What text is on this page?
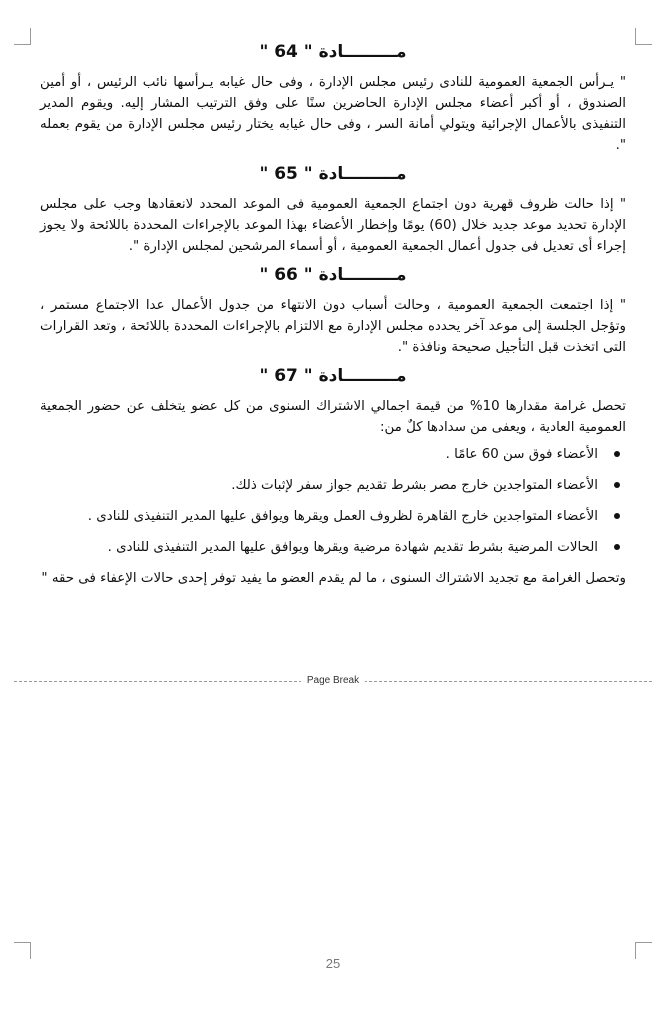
مـــــــــادة " 64 "

" يـرأس الجمعية العمومية للنادى رئيس مجلس الإدارة ، وفى حال غيابه يـرأسها نائب الرئيس ، أو أمين الصندوق ، أو أكبر أعضاء مجلس الإدارة الحاضرين سنًا على وفق الترتيب المشار إليه. ويقوم المدير التنفيذى بالأعمال الإجرائية ويتولي أمانة السر ، وفى حال غيابه يختار رئيس مجلس الإدارة من يقوم بعمله ".

مـــــــــادة " 65 "

" إذا حالت ظروف قهرية دون اجتماع الجمعية العمومية فى الموعد المحدد لانعقادها وجب على مجلس الإدارة تحديد موعد جديد خلال (60) يومًا وإخطار الأعضاء بهذا الموعد بالإجراءات المحددة باللائحة ولا يجوز إجراء أى تعديل فى جدول أعمال الجمعية العمومية ، أو أسماء المرشحين لمجلس الإدارة ".

مـــــــــادة " 66 "

" إذا اجتمعت الجمعية العمومية ، وحالت أسباب دون الانتهاء من جدول الأعمال عدا الاجتماع مستمر ، وتؤجل الجلسة إلى موعد آخر يحدده مجلس الإدارة مع الالتزام بالإجراءات المحددة باللائحة ، وتعد القرارات التى اتخذت قبل التأجيل صحيحة ونافذة ".

مـــــــــادة " 67 "

تحصل غرامة مقدارها 10% من قيمة اجمالي الاشتراك السنوى من كل عضو يتخلف عن حضور الجمعية العمومية العادية ، ويعفى من سدادها كلٌ من:

الأعضاء فوق سن 60 عامًا .
الأعضاء المتواجدين خارج مصر بشرط تقديم جواز سفر لإثبات ذلك.
الأعضاء المتواجدين خارج القاهرة لظروف العمل ويقرها ويوافق عليها المدير التنفيذى للنادى .
الحالات المرضية بشرط تقديم شهادة مرضية ويقرها ويوافق عليها المدير التنفيذى للنادى .

وتحصل الغرامة مع تجديد الاشتراك السنوى ، ما لم يقدم العضو ما يفيد توفر إحدى حالات الإعفاء فى حقه "

Page Break
25
